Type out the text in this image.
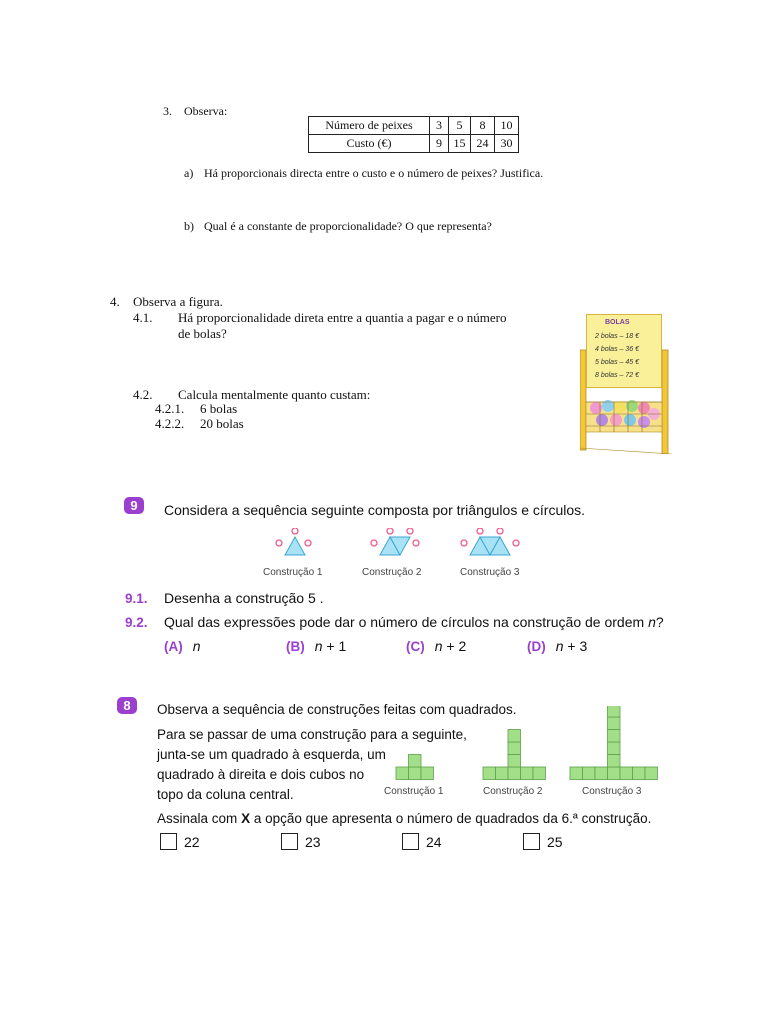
3. Observa:
Número de peixes	3	5	8	10
Custo (€)	9	15	24	30
a) Há proporcionais directa entre o custo e o número de peixes? Justifica.
b) Qual é a constante de proporcionalidade? O que representa?
4. Observa a figura.
4.1. Há proporcionalidade direta entre a quantia a pagar e o número
de bolas?
4.2. Calcula mentalmente quanto custam:
4.2.1. 6 bolas
4.2.2. 20 bolas
BOLAS
2 bolas – 18 €
4 bolas – 36 €
5 bolas – 45 €
8 bolas – 72 €
9	Considera a sequência seguinte composta por triângulos e círculos.
Construção 1	Construção 2	Construção 3
9.1. Desenha a construção 5 .
9.2. Qual das expressões pode dar o número de círculos na construção de ordem n?
(A) n	(B) n + 1	(C) n + 2	(D) n + 3
8	Observa a sequência de construções feitas com quadrados.
Para se passar de uma construção para a seguinte,
junta-se um quadrado à esquerda, um
quadrado à direita e dois cubos no
topo da coluna central.	Construção 1	Construção 2	Construção 3
Assinala com X a opção que apresenta o número de quadrados da 6.ª construção.
22	23	24	25
